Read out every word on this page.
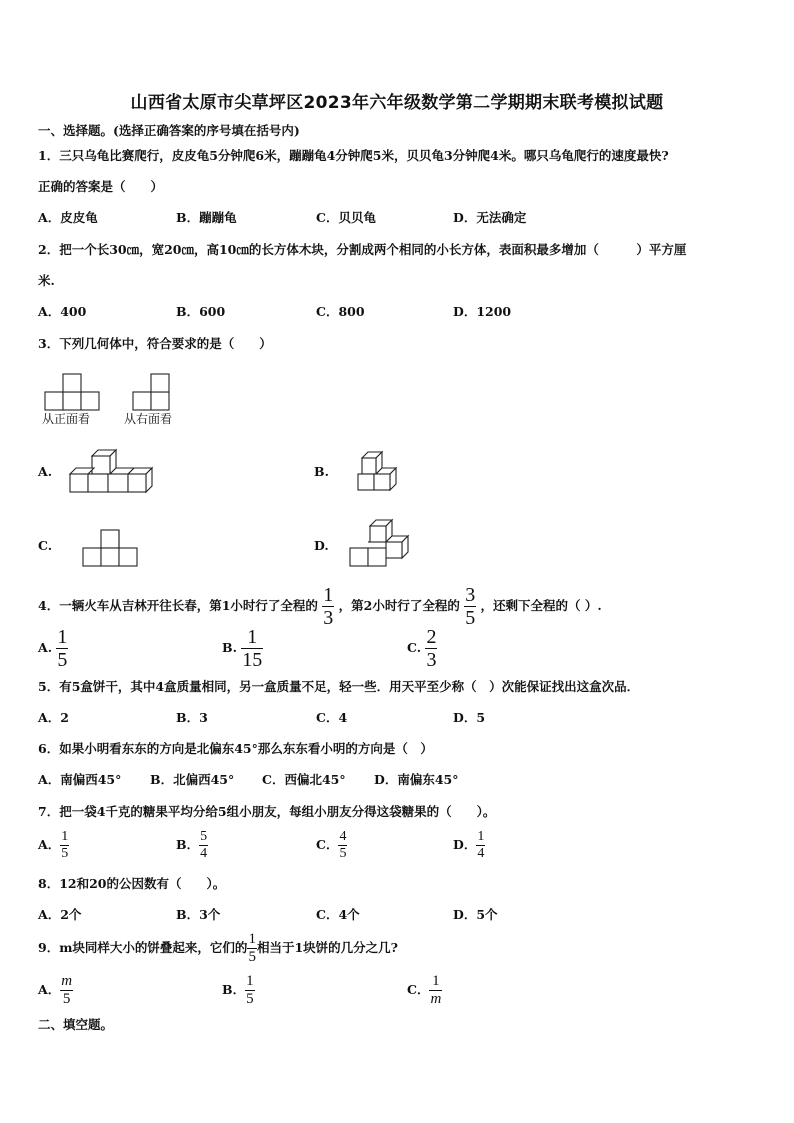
山西省太原市尖草坪区2023年六年级数学第二学期期末联考模拟试题
一、选择题。(选择正确答案的序号填在括号内)
1．三只乌龟比赛爬行，皮皮龟5分钟爬6米，蹦蹦龟4分钟爬5米，贝贝龟3分钟爬4米。哪只乌龟爬行的速度最快?
正确的答案是（　　）
A．皮皮龟	B．蹦蹦龟	C．贝贝龟	D．无法确定
2．把一个长30㎝，宽20㎝，高10㎝的长方体木块，分割成两个相同的小长方体，表面积最多增加（　　　）平方厘
米.
A．400	B．600	C．800	D．1200
3．下列几何体中，符合要求的是（　　）
从正面看	从右面看
A.	B.
C.	D.
4．一辆火车从吉林开往长春，第1小时行了全程的 $\frac{1}{3}$ ，第2小时行了全程的 $\frac{3}{5}$ ，还剩下全程的（ ）.
A. $\frac{1}{5}$	B. $\frac{1}{15}$	C. $\frac{2}{3}$
5．有5盒饼干，其中4盒质量相同，另一盒质量不足，轻一些．用天平至少称（　）次能保证找出这盒次品．
A．2	B．3	C．4	D．5
6．如果小明看东东的方向是北偏东45°那么东东看小明的方向是（　）
A．南偏西45° B．北偏西45° C．西偏北45° D．南偏东45°
7．把一袋4千克的糖果平均分给5组小朋友，每组小朋友分得这袋糖果的（　　）。
A． $\frac{1}{5}$	B． $\frac{5}{4}$	C． $\frac{4}{5}$	D． $\frac{1}{4}$
8．12和20的公因数有（　　）。
A．2个	B．3个	C．4个	D．5个
9．m块同样大小的饼叠起来，它们的 $\frac{1}{5}$ 相当于1块饼的几分之几?
A． $\frac{m}{5}$	B． $\frac{1}{5}$	C． $\frac{1}{m}$
二、填空题。
